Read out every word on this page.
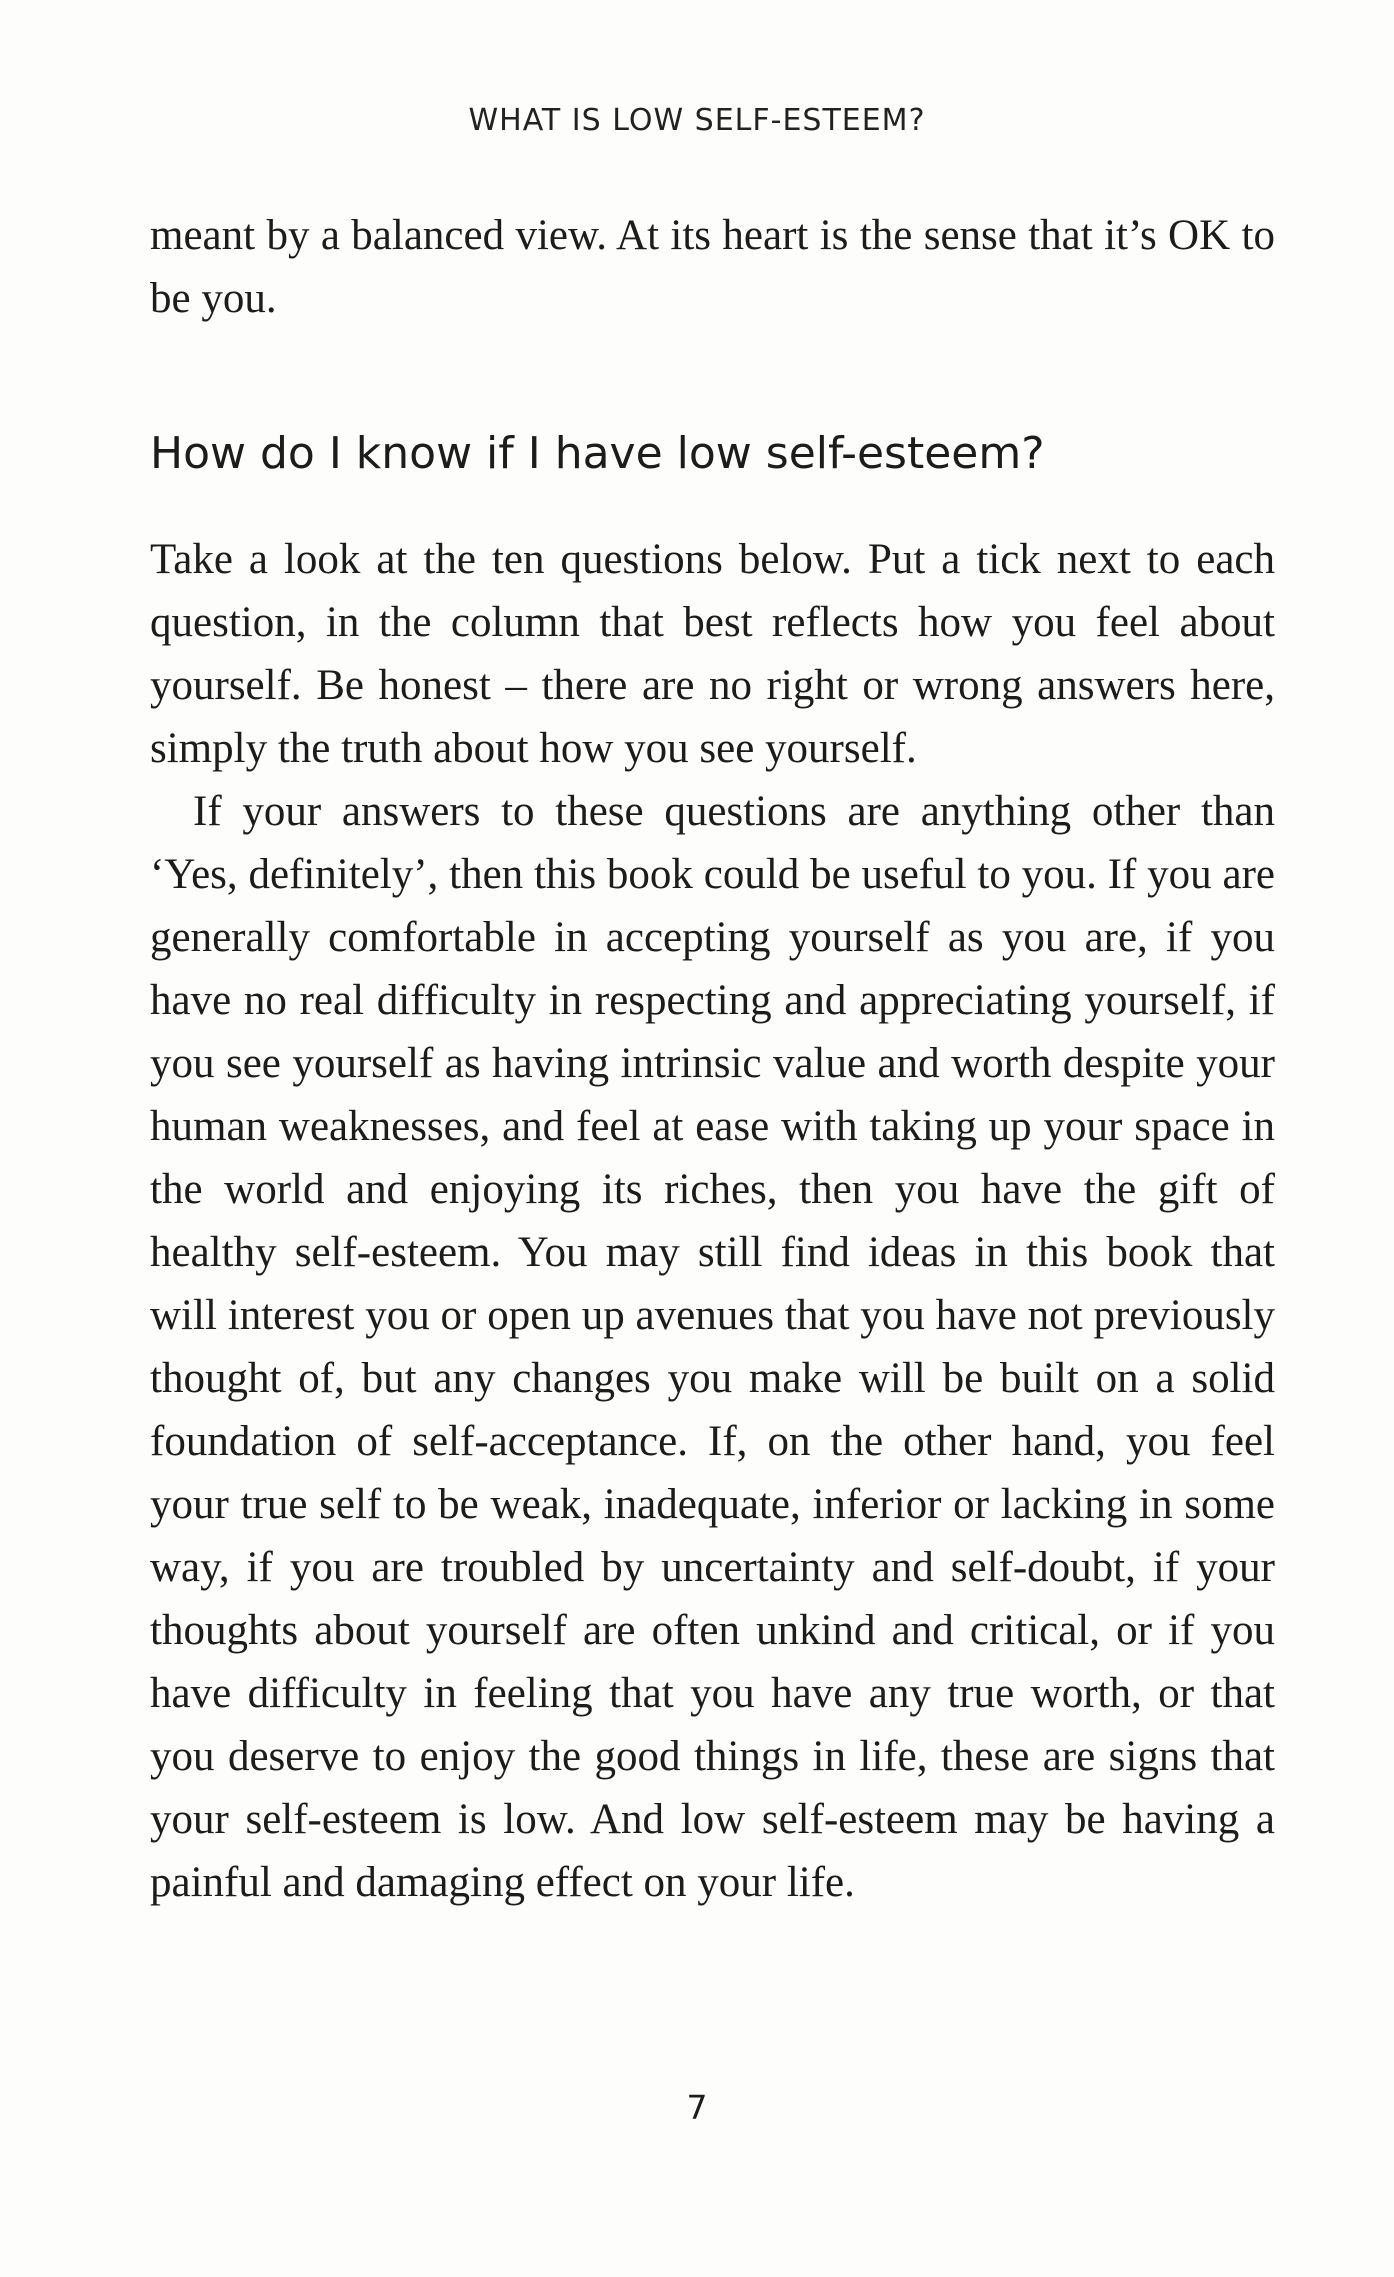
WHAT IS LOW SELF-ESTEEM?

meant by a balanced view. At its heart is the sense that it’s OK to be you.

How do I know if I have low self-esteem?

Take a look at the ten questions below. Put a tick next to each question, in the column that best reflects how you feel about yourself. Be honest – there are no right or wrong answers here, simply the truth about how you see yourself.

If your answers to these questions are anything other than ‘Yes, definitely’, then this book could be useful to you. If you are generally comfortable in accepting yourself as you are, if you have no real difficulty in respecting and appreciating yourself, if you see yourself as having intrinsic value and worth despite your human weaknesses, and feel at ease with taking up your space in the world and enjoying its riches, then you have the gift of healthy self-esteem. You may still find ideas in this book that will interest you or open up avenues that you have not previously thought of, but any changes you make will be built on a solid foundation of self-acceptance. If, on the other hand, you feel your true self to be weak, inadequate, inferior or lacking in some way, if you are troubled by uncertainty and self-doubt, if your thoughts about yourself are often unkind and critical, or if you have difficulty in feeling that you have any true worth, or that you deserve to enjoy the good things in life, these are signs that your self-esteem is low. And low self-esteem may be having a painful and damaging effect on your life.

7
